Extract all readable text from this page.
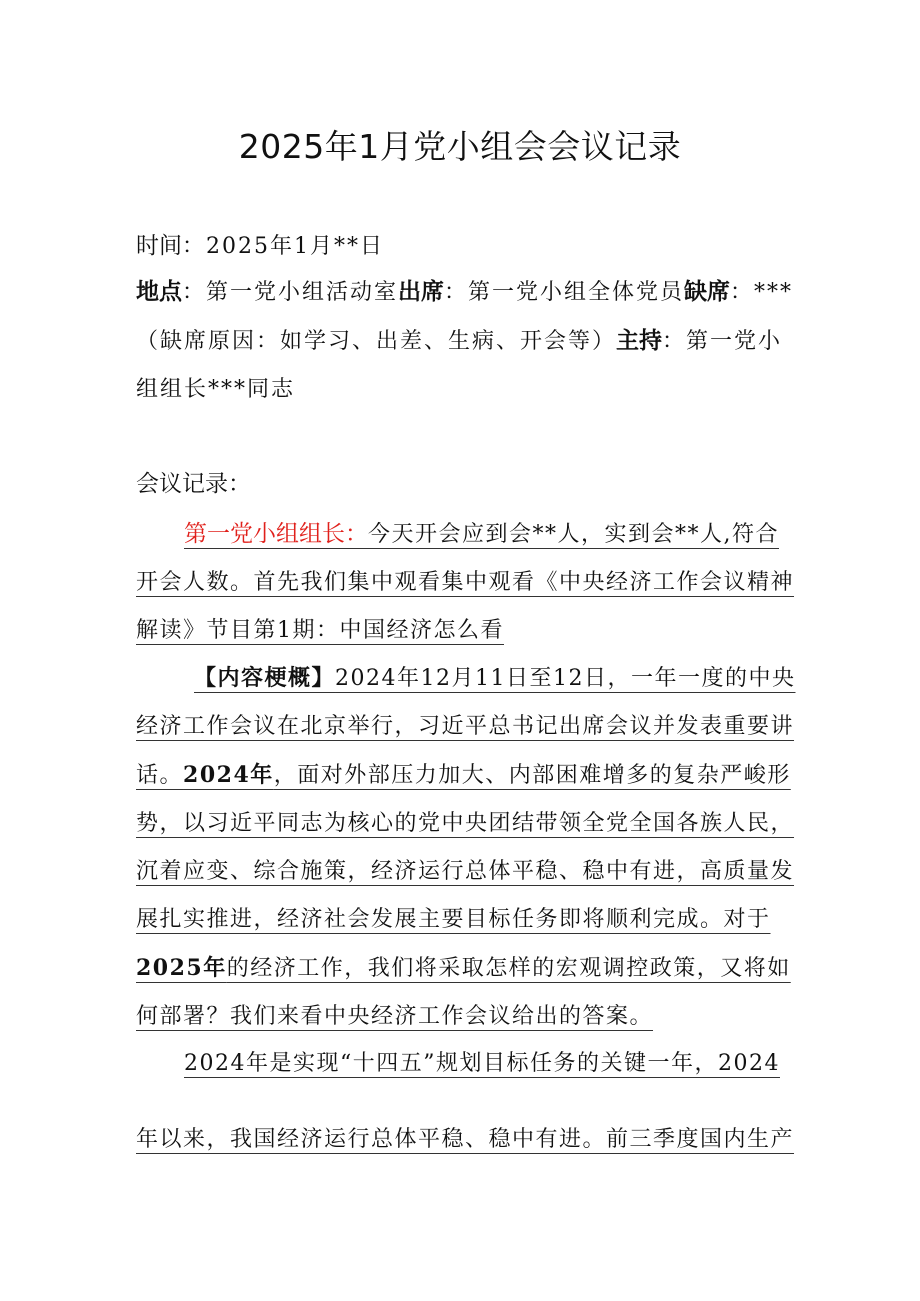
2025年1月党小组会会议记录
时间：2025年1月**日
地点：第一党小组活动室出席：第一党小组全体党员缺席：***（缺席原因：如学习、出差、生病、开会等）主持：第一党小组组长***同志
会议记录：
第一党小组组长：今天开会应到会**人，实到会**人,符合开会人数。首先我们集中观看集中观看《中央经济工作会议精神解读》节目第1期：中国经济怎么看
【内容梗概】2024年12月11日至12日，一年一度的中央经济工作会议在北京举行，习近平总书记出席会议并发表重要讲话。2024年，面对外部压力加大、内部困难增多的复杂严峻形势，以习近平同志为核心的党中央团结带领全党全国各族人民，沉着应变、综合施策，经济运行总体平稳、稳中有进，高质量发展扎实推进，经济社会发展主要目标任务即将顺利完成。对于2025年的经济工作，我们将采取怎样的宏观调控政策，又将如何部署？我们来看中央经济工作会议给出的答案。
2024年是实现“十四五”规划目标任务的关键一年，2024
年以来，我国经济运行总体平稳、稳中有进。前三季度国内生产
